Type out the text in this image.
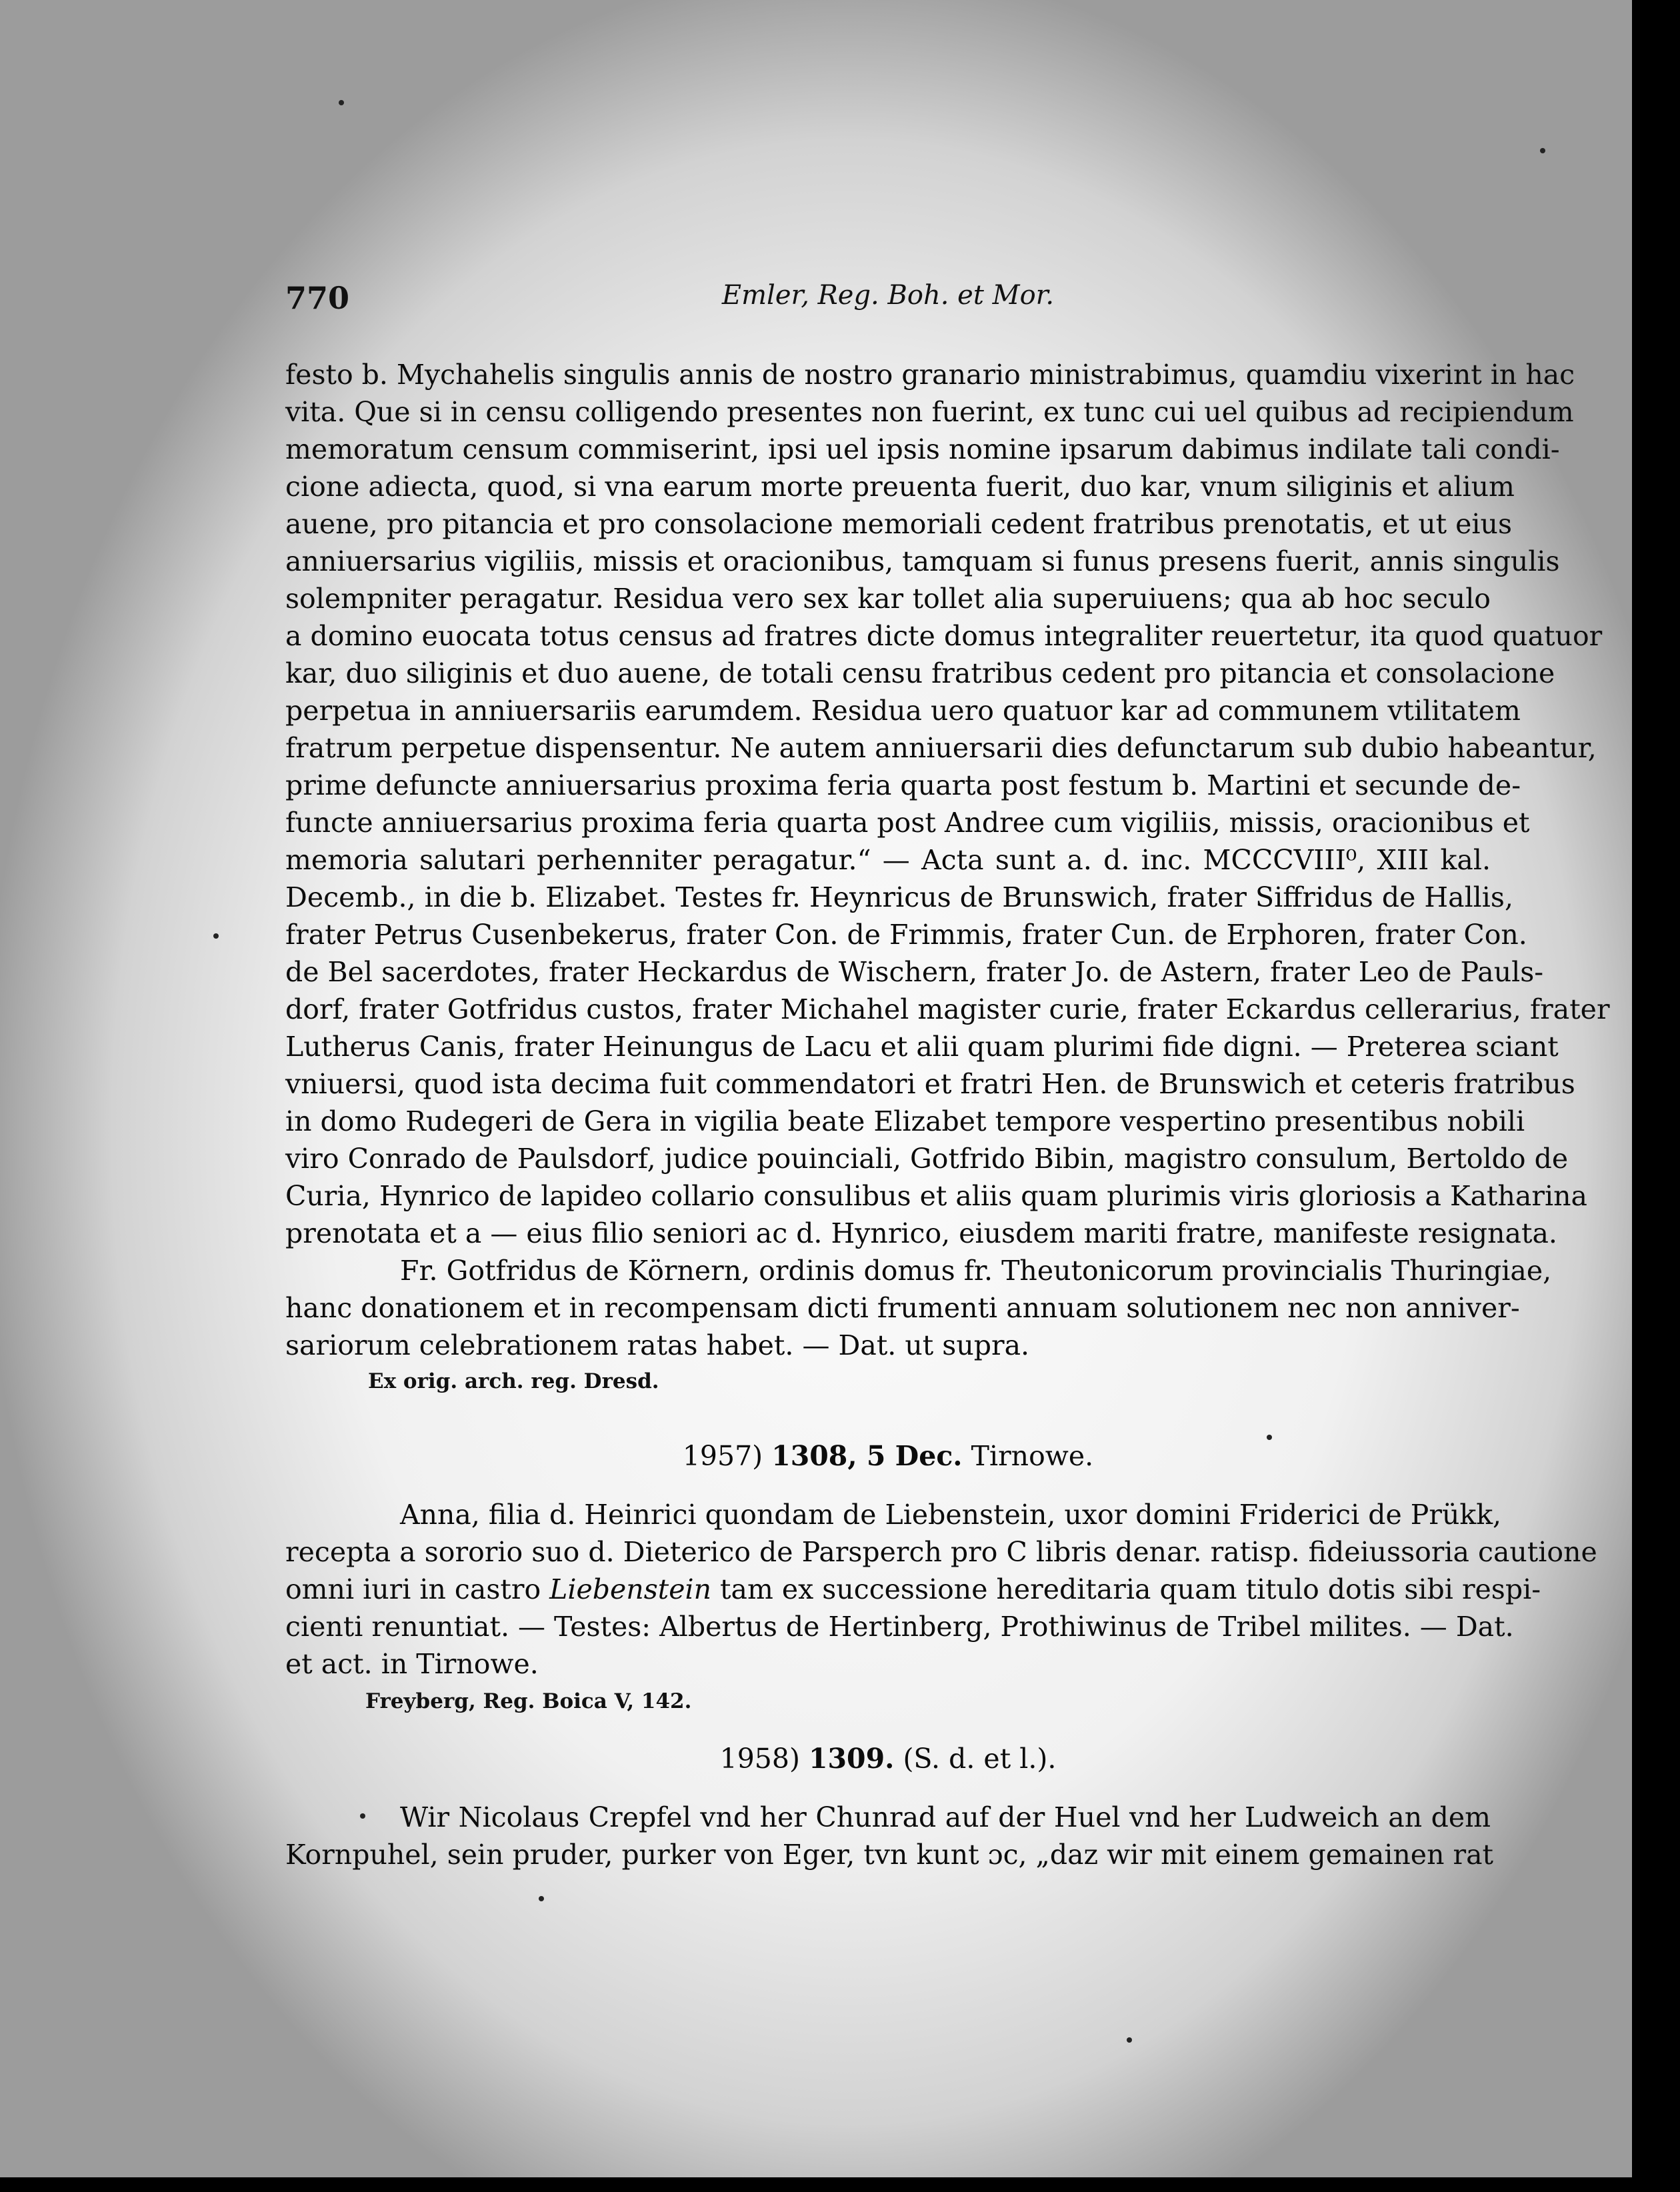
770	Emler, Reg. Boh. et Mor.
festo b. Mychahelis singulis annis de nostro granario ministrabimus, quamdiu vixerint in hac
vita. Que si in censu colligendo presentes non fuerint, ex tunc cui uel quibus ad recipiendum
memoratum censum commiserint, ipsi uel ipsis nomine ipsarum dabimus indilate tali condi-
cione adiecta, quod, si vna earum morte preuenta fuerit, duo kar, vnum siliginis et alium
auene, pro pitancia et pro consolacione memoriali cedent fratribus prenotatis, et ut eius
anniuersarius vigiliis, missis et oracionibus, tamquam si funus presens fuerit, annis singulis
solempniter peragatur. Residua vero sex kar tollet alia superuiuens; qua ab hoc seculo
a domino euocata totus census ad fratres dicte domus integraliter reuertetur, ita quod quatuor
kar, duo siliginis et duo auene, de totali censu fratribus cedent pro pitancia et consolacione
perpetua in anniuersariis earumdem. Residua uero quatuor kar ad communem vtilitatem
fratrum perpetue dispensentur. Ne autem anniuersarii dies defunctarum sub dubio habeantur,
prime defuncte anniuersarius proxima feria quarta post festum b. Martini et secunde de-
functe anniuersarius proxima feria quarta post Andree cum vigiliis, missis, oracionibus et
memoria salutari perhenniter peragatur.“ — Acta sunt a. d. inc. MCCCVIII⁰, XIII kal.
Decemb., in die b. Elizabet. Testes fr. Heynricus de Brunswich, frater Siffridus de Hallis,
frater Petrus Cusenbekerus, frater Con. de Frimmis, frater Cun. de Erphoren, frater Con.
de Bel sacerdotes, frater Heckardus de Wischern, frater Jo. de Astern, frater Leo de Pauls-
dorf, frater Gotfridus custos, frater Michahel magister curie, frater Eckardus cellerarius, frater
Lutherus Canis, frater Heinungus de Lacu et alii quam plurimi fide digni. — Preterea sciant
vniuersi, quod ista decima fuit commendatori et fratri Hen. de Brunswich et ceteris fratribus
in domo Rudegeri de Gera in vigilia beate Elizabet tempore vespertino presentibus nobili
viro Conrado de Paulsdorf, judice pouinciali, Gotfrido Bibin, magistro consulum, Bertoldo de
Curia, Hynrico de lapideo collario consulibus et aliis quam plurimis viris gloriosis a Katharina
prenotata et a — eius filio seniori ac d. Hynrico, eiusdem mariti fratre, manifeste resignata.
Fr. Gotfridus de Körnern, ordinis domus fr. Theutonicorum provincialis Thuringiae,
hanc donationem et in recompensam dicti frumenti annuam solutionem nec non anniver-
sariorum celebrationem ratas habet. — Dat. ut supra.
Ex orig. arch. reg. Dresd.
1957) 1308, 5 Dec. Tirnowe.
Anna, filia d. Heinrici quondam de Liebenstein, uxor domini Friderici de Prükk,
recepta a sororio suo d. Dieterico de Parsperch pro C libris denar. ratisp. fideiussoria cautione
omni iuri in castro Liebenstein tam ex successione hereditaria quam titulo dotis sibi respi-
cienti renuntiat. — Testes: Albertus de Hertinberg, Prothiwinus de Tribel milites. — Dat.
et act. in Tirnowe.
Freyberg, Reg. Boica V, 142.
1958) 1309. (S. d. et l.).
Wir Nicolaus Crepfel vnd her Chunrad auf der Huel vnd her Ludweich an dem
Kornpuhel, sein pruder, purker von Eger, tvn kunt ɔc, „daz wir mit einem gemainen rat
